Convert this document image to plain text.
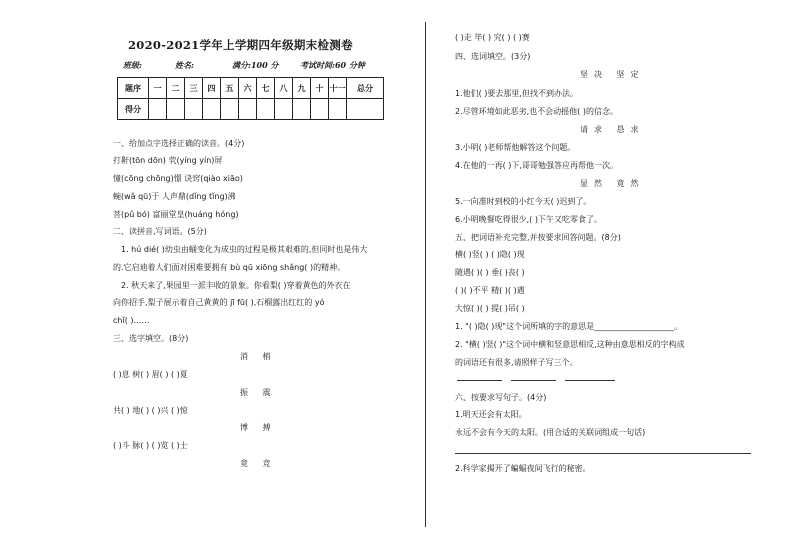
2020-2021学年上学期四年级期末检测卷
班级:	姓名:	满分:100 分	考试时间:60 分钟
题序	一	二	三	四	五	六	七	八	九	十	十一	总分
得分												
一、给加点字选择正确的读音。(4分)
打鼾(tōn dōn) 茕(yíng yín)屏
憧(cōng chōng)憬 诀窍(qiào xiāo)
蜿(wǎ qū)于 人声鼎(dǐng tǐng)沸
菩(pǔ bó) 富丽堂皇(huáng hóng)
二、读拼音,写词语。(5分)
1. hú dié( )幼虫由蛹变化为成虫的过程是极其艰难的,但同时也是伟大
的.它启迪着人们面对困难要拥有 bù qū xiōng shǎng( )的精神。
2. 秋天来了,果园里一派丰收的景象。你看梨( )穿着黄色的外衣在
向你招手,梨子展示着自己黄黄的 jī fū( ),石榴露出红红的 yó
chǐ( )……
三、选字填空。(8分)
消 梢
( )息 树( ) 眉( ) ( )夏
振 震
共( ) 地( ) ( )兴 ( )惊
博 搏
( )斗 脉( ) ( )览 ( )士
竟 竞
( )走 毕( ) 究( ) ( )赛
四、选词填空。(3分)
坚决 坚定
1.他们( )要去那里,但找不到办法。
2.尽管环境如此恶劣,也不会动摇他( )的信念。
请求 恳求
3.小明( )老师帮他解答这个问题。
4.在他的一再( )下,哥哥勉强答应再帮他一次。
显然 竟然
5.一向准时到校的小红今天( )迟到了。
6.小明晚餐吃得很少,( )下午又吃零食了。
五、把词语补充完整,并按要求回答问题。(8分)
横( )竖( ) ( )隐( )现
随遇( )( ) 垂( )丧( )
( )( )不平 精( )( )遇
大惊( )( ) 提( )吊( )
1. "( )隐( )现"这个词所填的字的意思是____________________。
2. "横( )竖( )"这个词中横和竖意思相反,这种由意思相反的字构成
的词语还有很多,请照样子写三个。
六、按要求写句子。(4分)
1.明天还会有太阳。
永远不会有今天的太阳。(用合适的关联词组成一句话)
2.科学家揭开了蝙蝠夜间飞行的秘密。
